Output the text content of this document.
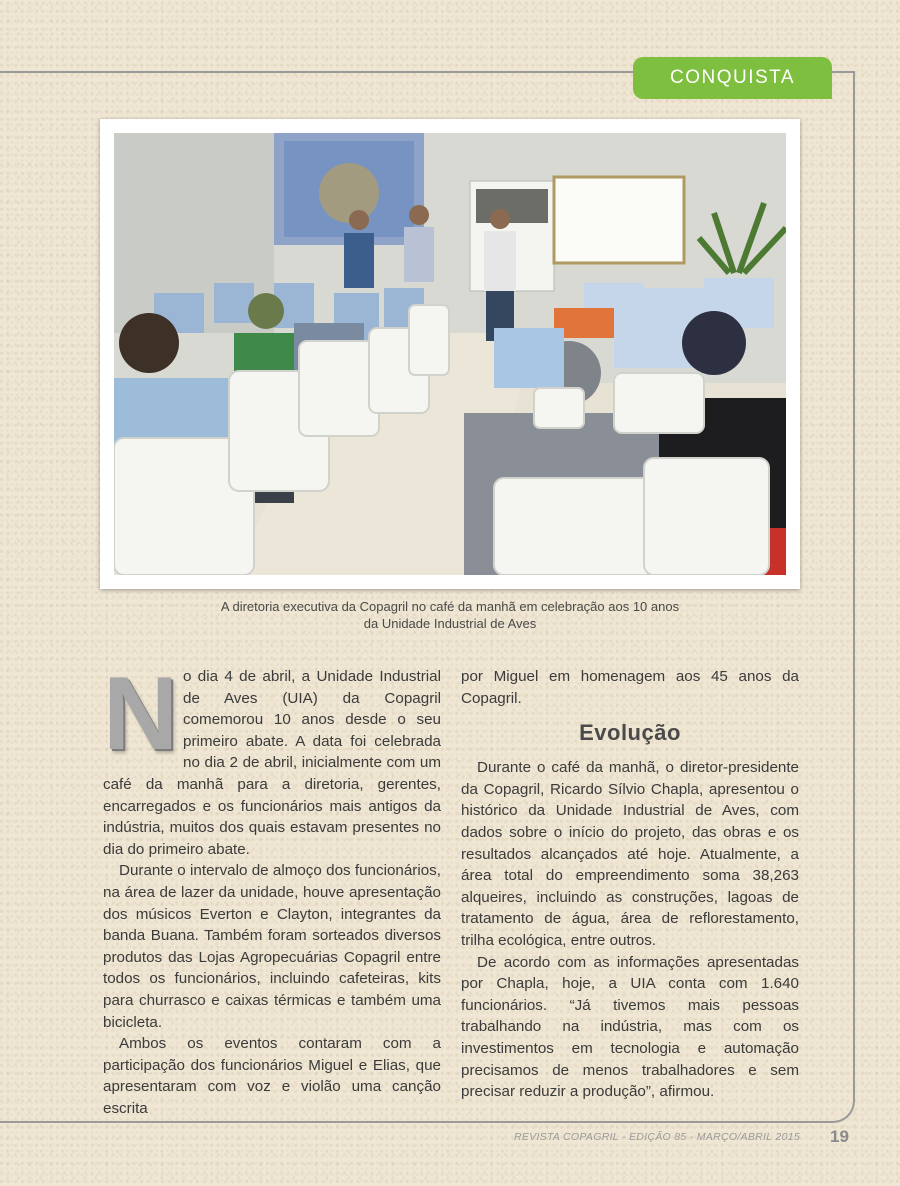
CONQUISTA
A diretoria executiva da Copagril no café da manhã em celebração aos 10 anos
da Unidade Industrial de Aves

No dia 4 de abril, a Unidade Industrial de Aves (UIA) da Copagril comemorou 10 anos desde o seu primeiro abate. A data foi celebrada no dia 2 de abril, inicialmente com um café da manhã para a diretoria, gerentes, encarregados e os funcionários mais antigos da indústria, muitos dos quais estavam presentes no dia do primeiro abate.

Durante o intervalo de almoço dos funcionários, na área de lazer da unidade, houve apresentação dos músicos Everton e Clayton, integrantes da banda Buana. Também foram sorteados diversos produtos das Lojas Agropecuárias Copagril entre todos os funcionários, incluindo cafeteiras, kits para churrasco e caixas térmicas e também uma bicicleta.

Ambos os eventos contaram com a participação dos funcionários Miguel e Elias, que apresentaram com voz e violão uma canção escrita

por Miguel em homenagem aos 45 anos da Copagril.

Evolução

Durante o café da manhã, o diretor-presidente da Copagril, Ricardo Sílvio Chapla, apresentou o histórico da Unidade Industrial de Aves, com dados sobre o início do projeto, das obras e os resultados alcançados até hoje. Atualmente, a área total do empreendimento soma 38,263 alqueires, incluindo as construções, lagoas de tratamento de água, área de reflorestamento, trilha ecológica, entre outros.

De acordo com as informações apresentadas por Chapla, hoje, a UIA conta com 1.640 funcionários. “Já tivemos mais pessoas trabalhando na indústria, mas com os investimentos em tecnologia e automação precisamos de menos trabalhadores e sem precisar reduzir a produção”, afirmou.

REVISTA COPAGRIL - EDIÇÃO 85 - MARÇO/ABRIL 2015 19
